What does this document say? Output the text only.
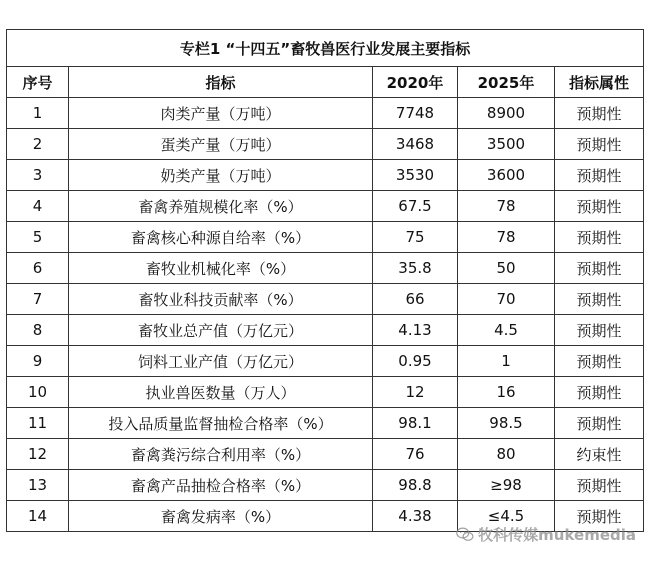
专栏1 “十四五”畜牧兽医行业发展主要指标				
序号	指标	2020年	2025年	指标属性
1	肉类产量（万吨）	7748	8900	预期性
2	蛋类产量（万吨）	3468	3500	预期性
3	奶类产量（万吨）	3530	3600	预期性
4	畜禽养殖规模化率（%）	67.5	78	预期性
5	畜禽核心种源自给率（%）	75	78	预期性
6	畜牧业机械化率（%）	35.8	50	预期性
7	畜牧业科技贡献率（%）	66	70	预期性
8	畜牧业总产值（万亿元）	4.13	4.5	预期性
9	饲料工业产值（万亿元）	0.95	1	预期性
10	执业兽医数量（万人）	12	16	预期性
11	投入品质量监督抽检合格率（%）	98.1	98.5	预期性
12	畜禽粪污综合利用率（%）	76	80	约束性
13	畜禽产品抽检合格率（%）	98.8	≥98	预期性
14	畜禽发病率（%）	4.38	≤4.5	预期性
牧科传媒mukemedia
